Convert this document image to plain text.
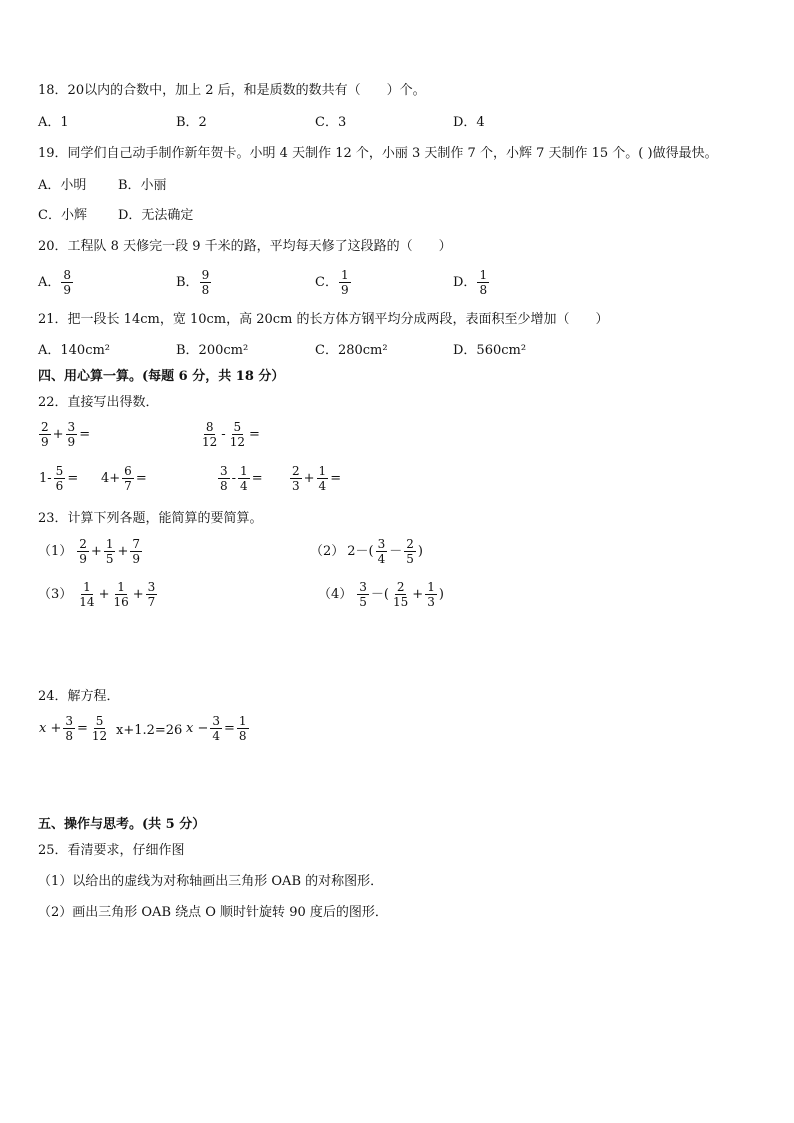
18．20以内的合数中，加上 2 后，和是质数的数共有（　　）个。
A．1	B．2	C．3	D．4
19．同学们自己动手制作新年贺卡。小明 4 天制作 12 个，小丽 3 天制作 7 个，小辉 7 天制作 15 个。( )做得最快。
A．小明 B．小丽
C．小辉 D．无法确定
20．工程队 8 天修完一段 9 千米的路，平均每天修了这段路的（　　）
A． $\frac{8}{9}$	B． $\frac{9}{8}$	C． $\frac{1}{9}$	D． $\frac{1}{8}$
21．把一段长 14cm，宽 10cm，高 20cm 的长方体方钢平均分成两段，表面积至少增加（　　）
A．140cm²	B．200cm²	C．280cm²	D．560cm²
四、用心算一算。(每题 6 分，共 18 分）
22．直接写出得数．
$\frac{2}{9} + \frac{3}{9}$ =	$\frac{8}{12} - \frac{5}{12}$ =
$1- \frac{5}{6} = 4+ \frac{6}{7}$ =	$\frac{3}{8} - \frac{1}{4} = \frac{2}{3} + \frac{1}{4}$ =
23．计算下列各题，能简算的要简算。
$(1) \frac{2}{9} + \frac{1}{5} + \frac{7}{9}$	（2） $2-( \frac{3}{4} - \frac{2}{5}$ )
$(3) \frac{1}{14} + \frac{1}{16} + \frac{3}{7}$	$(4) \frac{3}{5}$ －( $\frac{2}{15} + \frac{1}{3}$ )
24．解方程．
$x + \frac{3}{8} = \frac{5}{12} x+1.2=26$ $x - \frac{3}{4} = \frac{1}{8}$
五、操作与思考。(共 5 分）
25．看清要求，仔细作图
（1）以给出的虚线为对称轴画出三角形 OAB 的对称图形．
（2）画出三角形 OAB 绕点 O 顺时针旋转 90 度后的图形．
